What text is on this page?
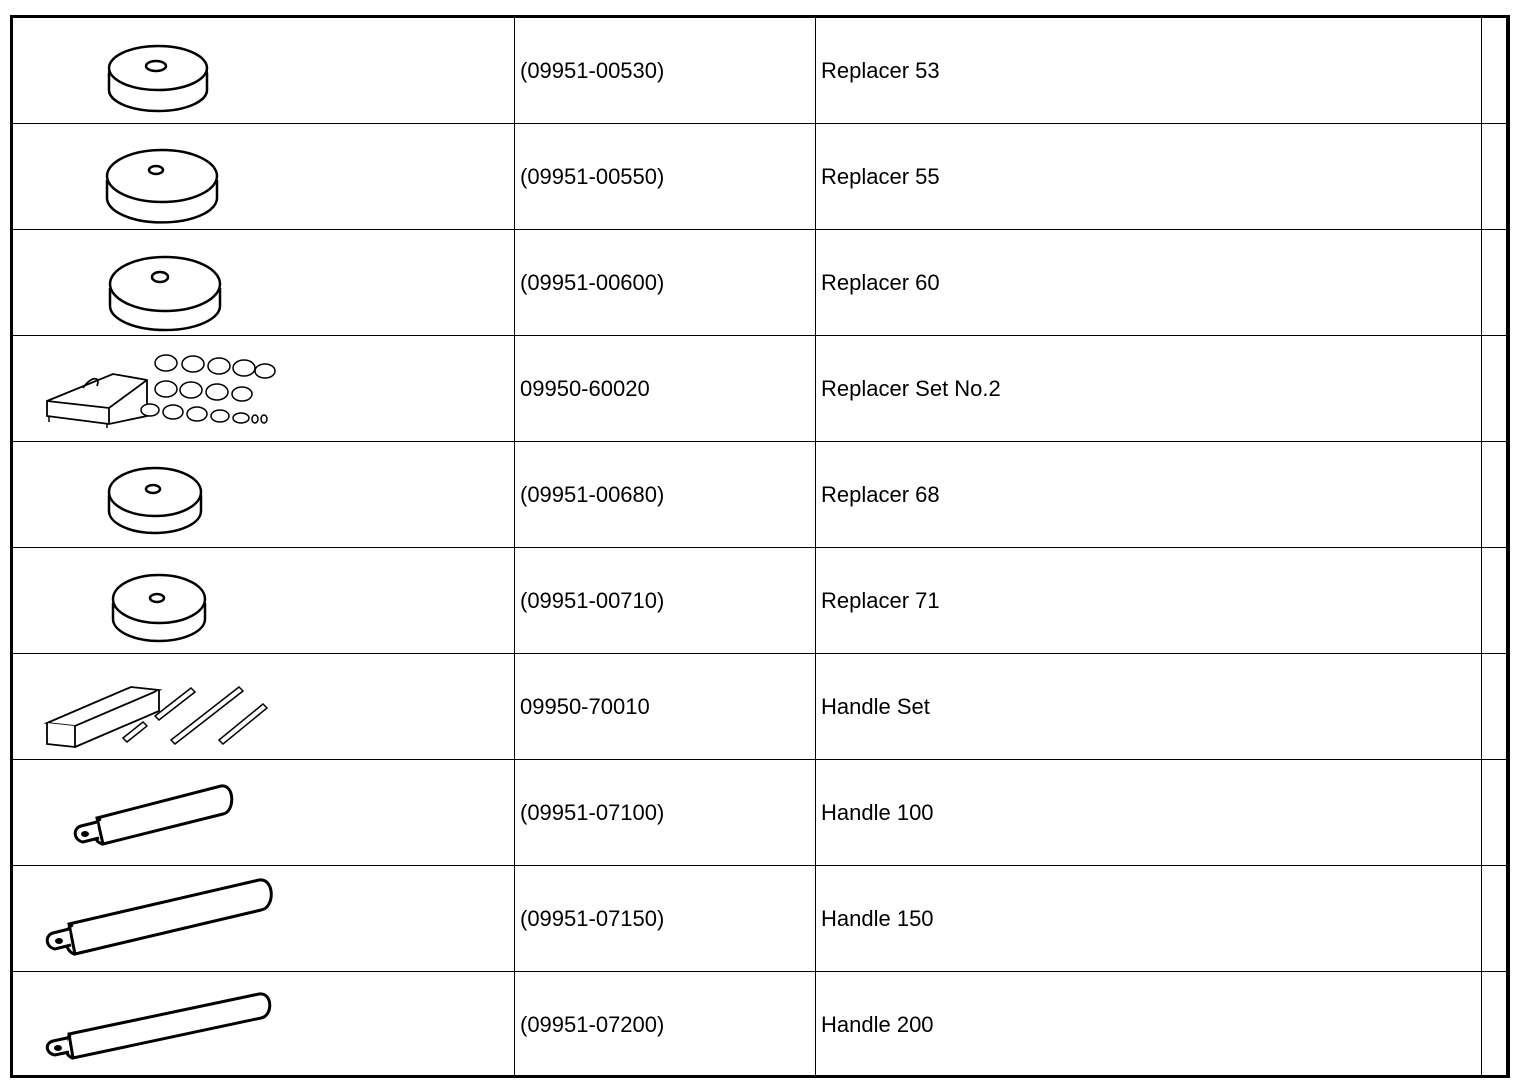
(09951-00530)	Replacer 53
(09951-00550)	Replacer 55
(09951-00600)	Replacer 60
09950-60020	Replacer Set No.2
(09951-00680)	Replacer 68
(09951-00710)	Replacer 71
09950-70010	Handle Set
(09951-07100)	Handle 100
(09951-07150)	Handle 150
(09951-07200)	Handle 200
